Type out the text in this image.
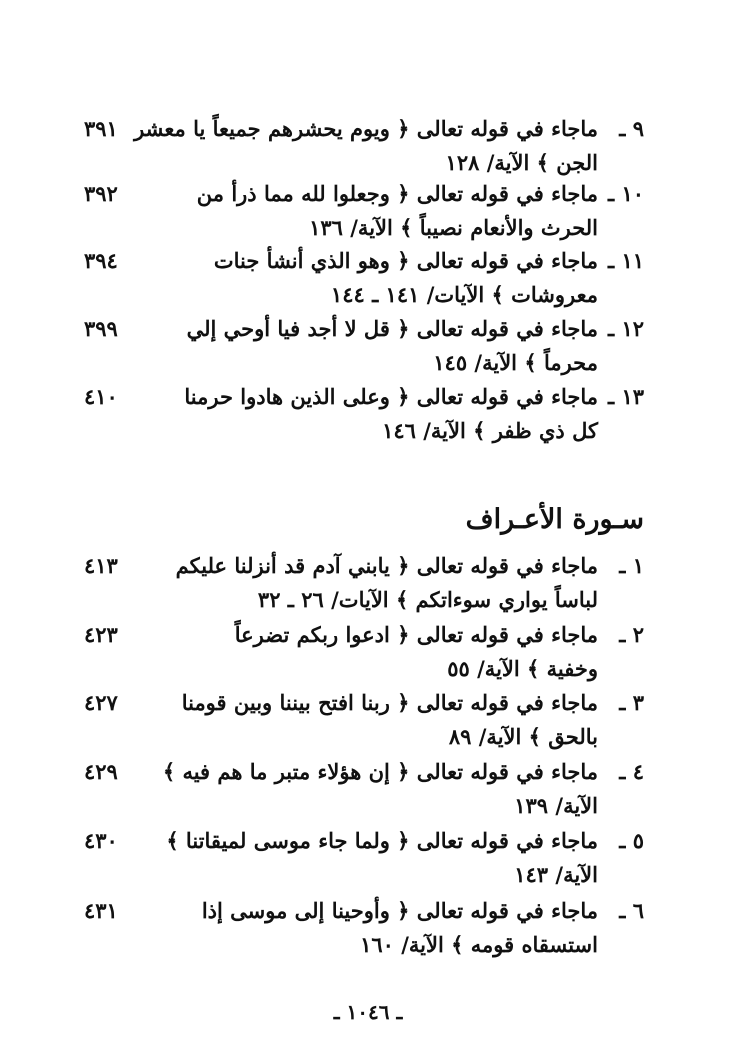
٩ ـ
ماجاء في قوله تعالى ﴿ ويوم يحشرهم جميعاً يا معشر
الجن ﴾ الآية/ ١٢٨
٣٩١
١٠ ـ
ماجاء في قوله تعالى ﴿ وجعلوا لله مما ذرأ من
الحرث والأنعام نصيباً ﴾ الآية/ ١٣٦
٣٩٢
١١ ـ
ماجاء في قوله تعالى ﴿ وهو الذي أنشأ جنات
معروشات ﴾ الآيات/ ١٤١ ـ ١٤٤
٣٩٤
١٢ ـ
ماجاء في قوله تعالى ﴿ قل لا أجد فيا أوحي إلي
محرماً ﴾ الآية/ ١٤٥
٣٩٩
١٣ ـ
ماجاء في قوله تعالى ﴿ وعلى الذين هادوا حرمنا
كل ذي ظفر ﴾ الآية/ ١٤٦
٤١٠
سـورة الأعـراف
١ ـ
ماجاء في قوله تعالى ﴿ يابني آدم قد أنزلنا عليكم
لباساً يواري سوءاتكم ﴾ الآيات/ ٢٦ ـ ٣٢
٤١٣
٢ ـ
ماجاء في قوله تعالى ﴿ ادعوا ربكم تضرعاً
وخفية ﴾ الآية/ ٥٥
٤٢٣
٣ ـ
ماجاء في قوله تعالى ﴿ ربنا افتح بيننا وبين قومنا
بالحق ﴾ الآية/ ٨٩
٤٢٧
٤ ـ
ماجاء في قوله تعالى ﴿ إن هؤلاء متبر ما هم فيه ﴾
الآية/ ١٣٩
٤٢٩
٥ ـ
ماجاء في قوله تعالى ﴿ ولما جاء موسى لميقاتنا ﴾
الآية/ ١٤٣
٤٣٠
٦ ـ
ماجاء في قوله تعالى ﴿ وأوحينا إلى موسى إذا
استسقاه قومه ﴾ الآية/ ١٦٠
٤٣١
ـ ١٠٤٦ ـ
